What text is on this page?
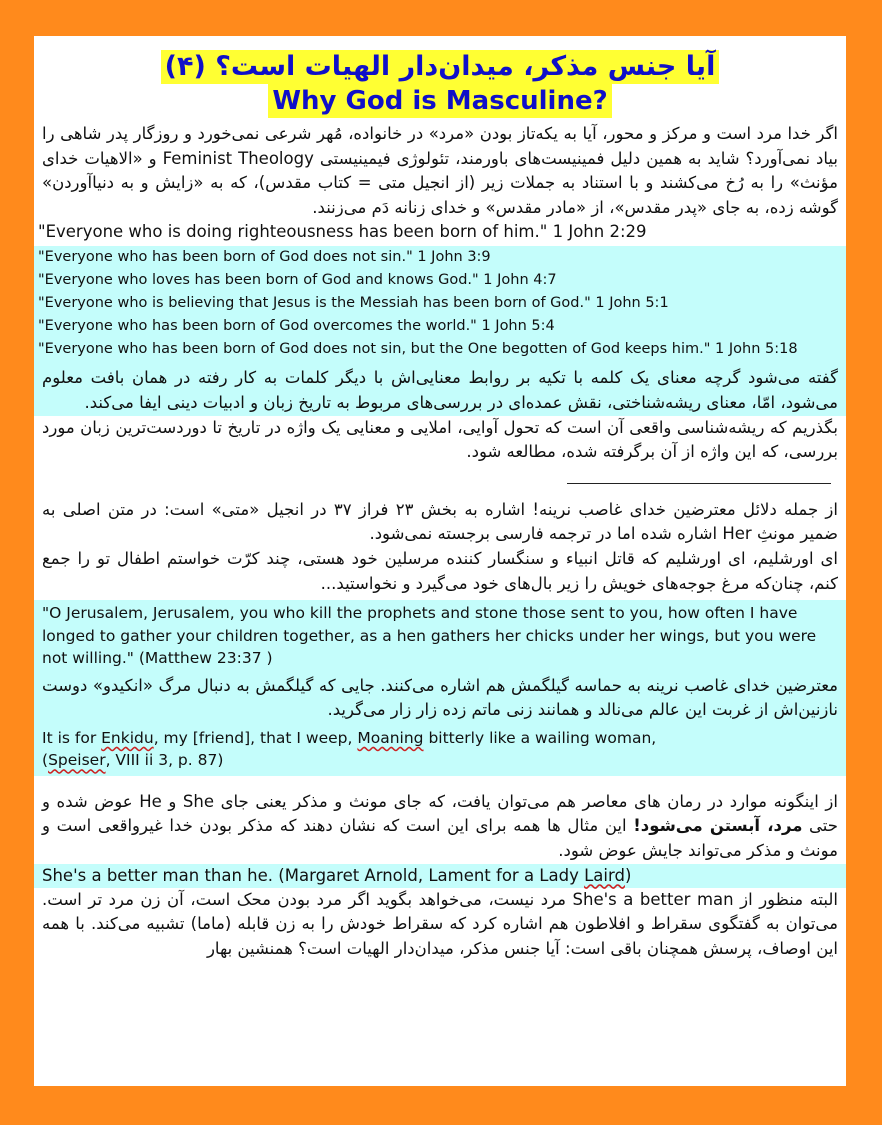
آیا جنس مذکر، میدان‌دار الهیات است؟ (۴)
Why God is Masculine?

اگر خدا مرد است و مرکز و محور، آیا به یکه‌تاز بودن «مرد» در خانواده، مُهر شرعی نمی‌خورد و روزگار پدر شاهی را بیاد نمی‌آورد؟ شاید به همین دلیل فمینیست‌های باورمند، تئولوژی فیمینیستی Feminist Theology و «الاهیات خدای مؤنث» را به رُخ می‌کشند و با استناد به جملات زیر (از انجیل متی = کتاب مقدس)، که به «زایش و به دنیاآوردن» گوشه زده، به جای «پدر مقدس»، از «مادر مقدس» و خدای زنانه دَم می‌زنند.

"Everyone who is doing righteousness has been born of him." 1 John 2:29

"Everyone who has been born of God does not sin." 1 John 3:9

"Everyone who loves has been born of God and knows God." 1 John 4:7

"Everyone who is believing that Jesus is the Messiah has been born of God." 1 John 5:1

"Everyone who has been born of God overcomes the world." 1 John 5:4

"Everyone who has been born of God does not sin, but the One begotten of God keeps him." 1 John 5:18

گفته می‌شود گرچه معنای یک کلمه با تکیه بر روابط معنایی‌اش با دیگر کلمات به کار رفته در همان بافت معلوم می‌شود، امّا، معنای ریشه‌شناختی، نقش عمده‌ای در بررسی‌های مربوط به تاریخ زبان و ادبیات دینی ایفا می‌کند.

بگذریم که ریشه‌شناسی واقعی آن است که تحول آوایی، املایی و معنایی یک واژه در تاریخ تا دوردست‌ترین زبان مورد بررسی، که این واژه از آن برگرفته شده، مطالعه شود.

از جمله دلائل معترضین خدای غاصب نرینه! اشاره به بخش ۲۳ فراز ۳۷ در انجیل «متی» است: در متن اصلی به ضمیر مونثِ Her اشاره شده اما در ترجمه فارسی برجسته نمی‌شود.

ای اورشلیم، ای اورشلیم که قاتل انبیاء و سنگسار کننده مرسلین خود هستی، چند کرّت خواستم اطفال تو را جمع کنم، چنان‌که مرغ جوجه‌های خویش را زیر بال‌های خود می‌گیرد و نخواستید...

"O Jerusalem, Jerusalem, you who kill the prophets and stone those sent to you, how often I have longed to gather your children together, as a hen gathers her chicks under her wings, but you were not willing." (Matthew 23:37 )

معترضین خدای غاصب نرینه به حماسه گیلگمش هم اشاره می‌کنند. جایی که گیلگمش به دنبال مرگ «انکیدو» دوست نازنین‌اش از غربت این عالم می‌نالد و همانند زنی ماتم زده زار زار می‌گرید.

It is for Enkidu, my [friend], that I weep, Moaning bitterly like a wailing woman,
(Speiser, VIII ii 3, p. 87)

از اینگونه موارد در رمان های معاصر هم می‌توان یافت، که جای مونث و مذکر یعنی جای She و He عوض شده و حتی مرد، آبستن می‌شود! این مثال ها همه برای این است که نشان دهند که مذکر بودن خدا غیرواقعی است و مونث و مذکر می‌تواند جایش عوض شود.

She's a better man than he. (Margaret Arnold, Lament for a Lady Laird)

البته منظور از She's a better man مرد نیست، می‌خواهد بگوید اگر مرد بودن محک است، آن زن مرد تر است. می‌توان به گفتگوی سقراط و افلاطون هم اشاره کرد که سقراط خودش را به زن قابله (ماما) تشبیه می‌کند. با همه این اوصاف، پرسش همچنان باقی است: آیا جنس مذکر، میدان‌دار الهیات است؟ همنشین بهار
